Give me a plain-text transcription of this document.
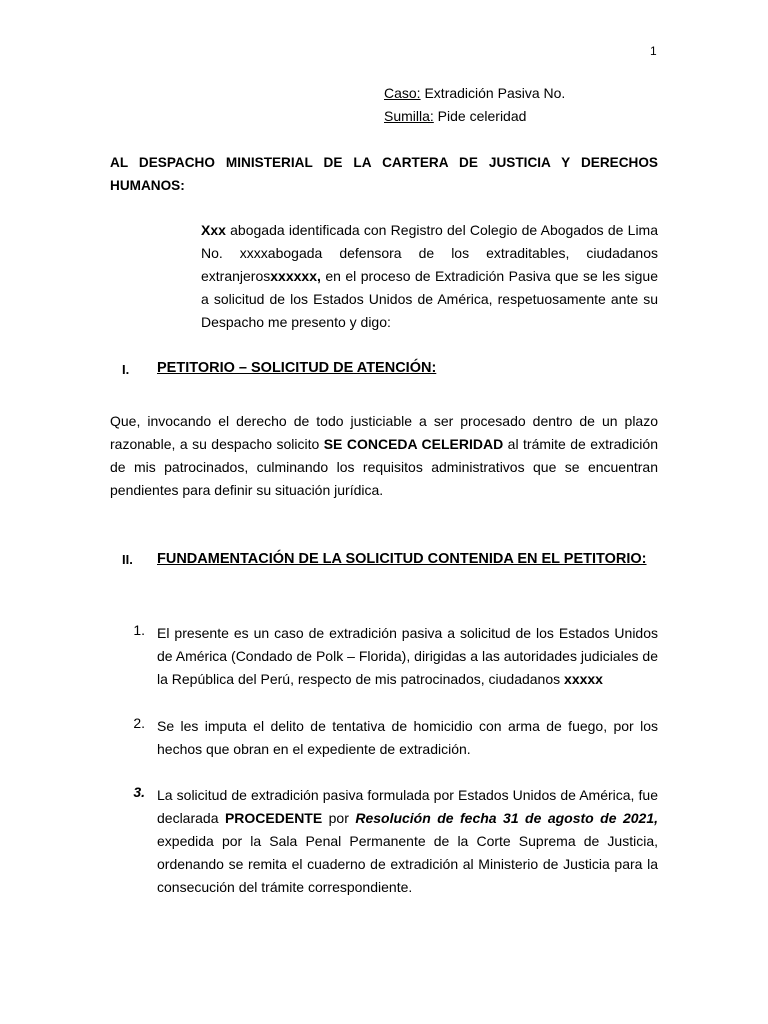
1
Caso: Extradición Pasiva No.
Sumilla: Pide celeridad
AL DESPACHO MINISTERIAL DE LA CARTERA DE JUSTICIA Y DERECHOS HUMANOS:
Xxx abogada identificada con Registro del Colegio de Abogados de Lima No. xxxxabogada defensora de los extraditables, ciudadanos extranjerosxxxxxx, en el proceso de Extradición Pasiva que se les sigue a solicitud de los Estados Unidos de América, respetuosamente ante su Despacho me presento y digo:
I. PETITORIO – SOLICITUD DE ATENCIÓN:
Que, invocando el derecho de todo justiciable a ser procesado dentro de un plazo razonable, a su despacho solicito SE CONCEDA CELERIDAD al trámite de extradición de mis patrocinados, culminando los requisitos administrativos que se encuentran pendientes para definir su situación jurídica.
II. FUNDAMENTACIÓN DE LA SOLICITUD CONTENIDA EN EL PETITORIO:
1. El presente es un caso de extradición pasiva a solicitud de los Estados Unidos de América (Condado de Polk – Florida), dirigidas a las autoridades judiciales de la República del Perú, respecto de mis patrocinados, ciudadanos xxxxx
2. Se les imputa el delito de tentativa de homicidio con arma de fuego, por los hechos que obran en el expediente de extradición.
3. La solicitud de extradición pasiva formulada por Estados Unidos de América, fue declarada PROCEDENTE por Resolución de fecha 31 de agosto de 2021, expedida por la Sala Penal Permanente de la Corte Suprema de Justicia, ordenando se remita el cuaderno de extradición al Ministerio de Justicia para la consecución del trámite correspondiente.
